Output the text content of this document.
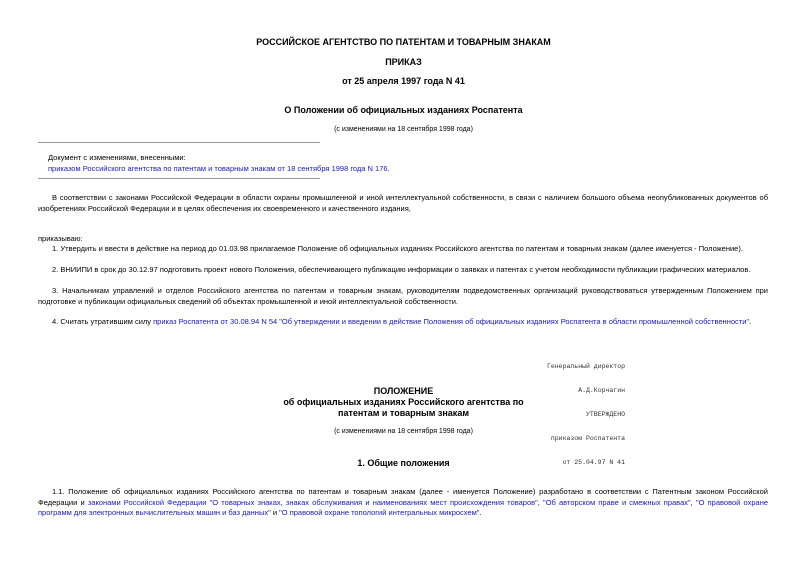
РОССИЙСКОЕ АГЕНТСТВО ПО ПАТЕНТАМ И ТОВАРНЫМ ЗНАКАМ
ПРИКАЗ
от 25 апреля 1997 года N 41
О Положении об официальных изданиях Роспатента
(с изменениями на 18 сентября 1998 года)
Документ с изменениями, внесенными:
приказом Российского агентства по патентам и товарным знакам от 18 сентября 1998 года N 176.
В соответствии с законами Российской Федерации в области охраны промышленной и иной интеллектуальной собственности, в связи с наличием большого объема неопубликованных документов об изобретениях Российской Федерации и в целях обеспечения их своевременного и качественного издания,
приказываю:
1. Утвердить и ввести в действие на период до 01.03.98 прилагаемое Положение об официальных изданиях Российского агентства по патентам и товарным знакам (далее именуется - Положение).
2. ВНИИПИ в срок до 30.12.97 подготовить проект нового Положения, обеспечивающего публикацию информации о заявках и патентах с учетом необходимости публикации графических материалов.
3. Начальникам управлений и отделов Российского агентства по патентам и товарным знакам, руководителям подведомственных организаций руководствоваться утвержденным Положением при подготовке и публикации официальных сведений об объектах промышленной и иной интеллектуальной собственности.
4. Считать утратившим силу приказ Роспатента от 30.08.94 N 54 "Об утверждении и введении в действие Положения об официальных изданиях Роспатента в области промышленной собственности".

Генеральный директор

А.Д.Корчагин

УТВЕРЖДЕНО

приказом Роспатента

от 25.04.97 N 41

ПОЛОЖЕНИЕ
об официальных изданиях Российского агентства по
патентам и товарным знакам
(с изменениями на 18 сентября 1998 года)
1. Общие положения
1.1. Положение об официальных изданиях Российского агентства по патентам и товарным знакам (далее - именуется Положение) разработано в соответствии с Патентным законом Российской Федерации и законами Российской Федерации "О товарных знаках, знаках обслуживания и наименованиях мест происхождения товаров", "Об авторском праве и смежных правах", "О правовой охране программ для электронных вычислительных машин и баз данных" и "О правовой охране топологий интегральных микросхем".
